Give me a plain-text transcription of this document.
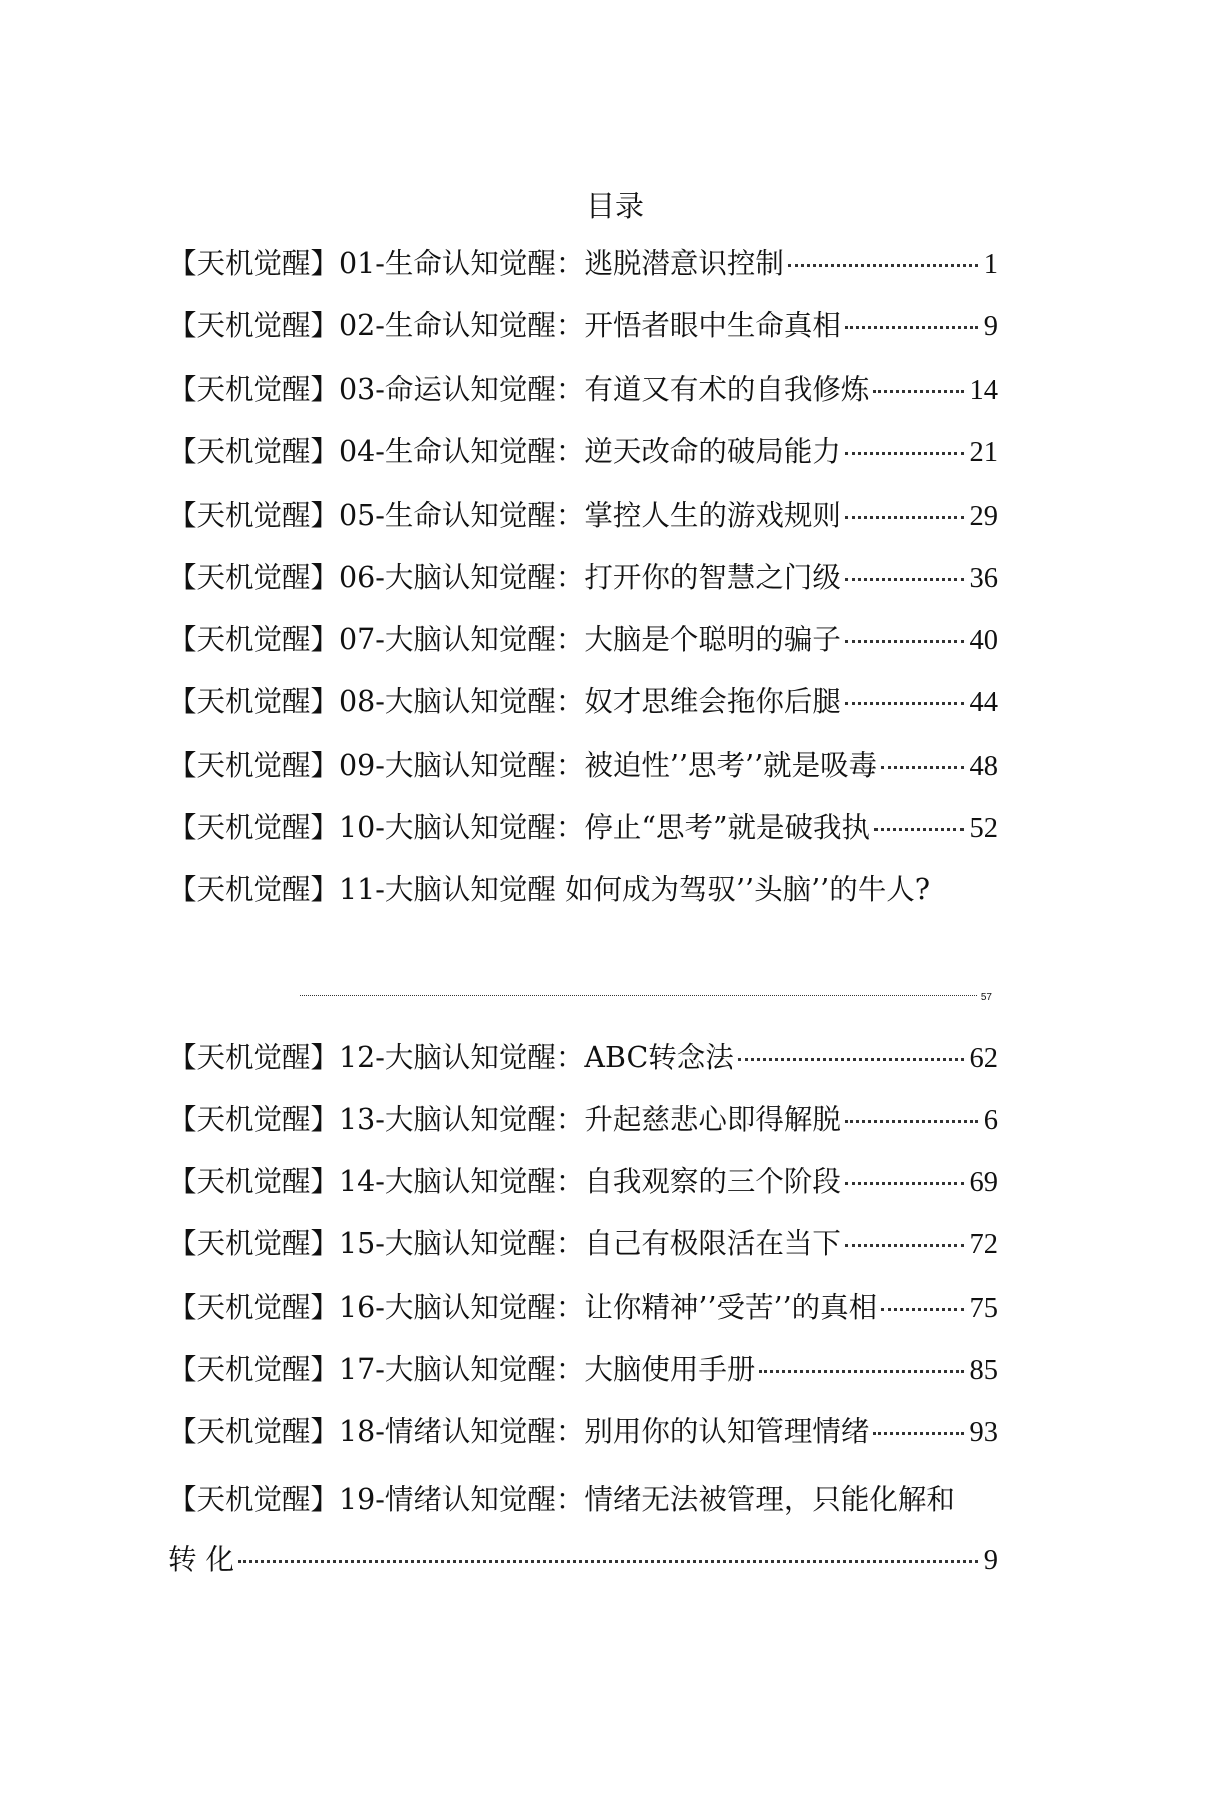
目录
【天机觉醒】01-生命认知觉醒：逃脱潜意识控制	1
【天机觉醒】02-生命认知觉醒：开悟者眼中生命真相	9
【天机觉醒】03-命运认知觉醒：有道又有术的自我修炼	14
【天机觉醒】04-生命认知觉醒：逆天改命的破局能力	21
【天机觉醒】05-生命认知觉醒：掌控人生的游戏规则	29
【天机觉醒】06-大脑认知觉醒：打开你的智慧之门级	36
【天机觉醒】07-大脑认知觉醒：大脑是个聪明的骗子	40
【天机觉醒】08-大脑认知觉醒：奴才思维会拖你后腿	44
【天机觉醒】09-大脑认知觉醒：被迫性’’思考’’就是吸毒	48
【天机觉醒】10-大脑认知觉醒：停止“思考”就是破我执	52
【天机觉醒】11-大脑认知觉醒 如何成为驾驭’’头脑’’的牛人?
57
【天机觉醒】12-大脑认知觉醒：ABC转念法	62
【天机觉醒】13-大脑认知觉醒：升起慈悲心即得解脱	6
【天机觉醒】14-大脑认知觉醒：自我观察的三个阶段	69
【天机觉醒】15-大脑认知觉醒：自己有极限活在当下	72
【天机觉醒】16-大脑认知觉醒：让你精神’’受苦’’的真相	75
【天机觉醒】17-大脑认知觉醒：大脑使用手册	85
【天机觉醒】18-情绪认知觉醒：别用你的认知管理情绪	93
【天机觉醒】19-情绪认知觉醒：情绪无法被管理，只能化解和
转 化	9
